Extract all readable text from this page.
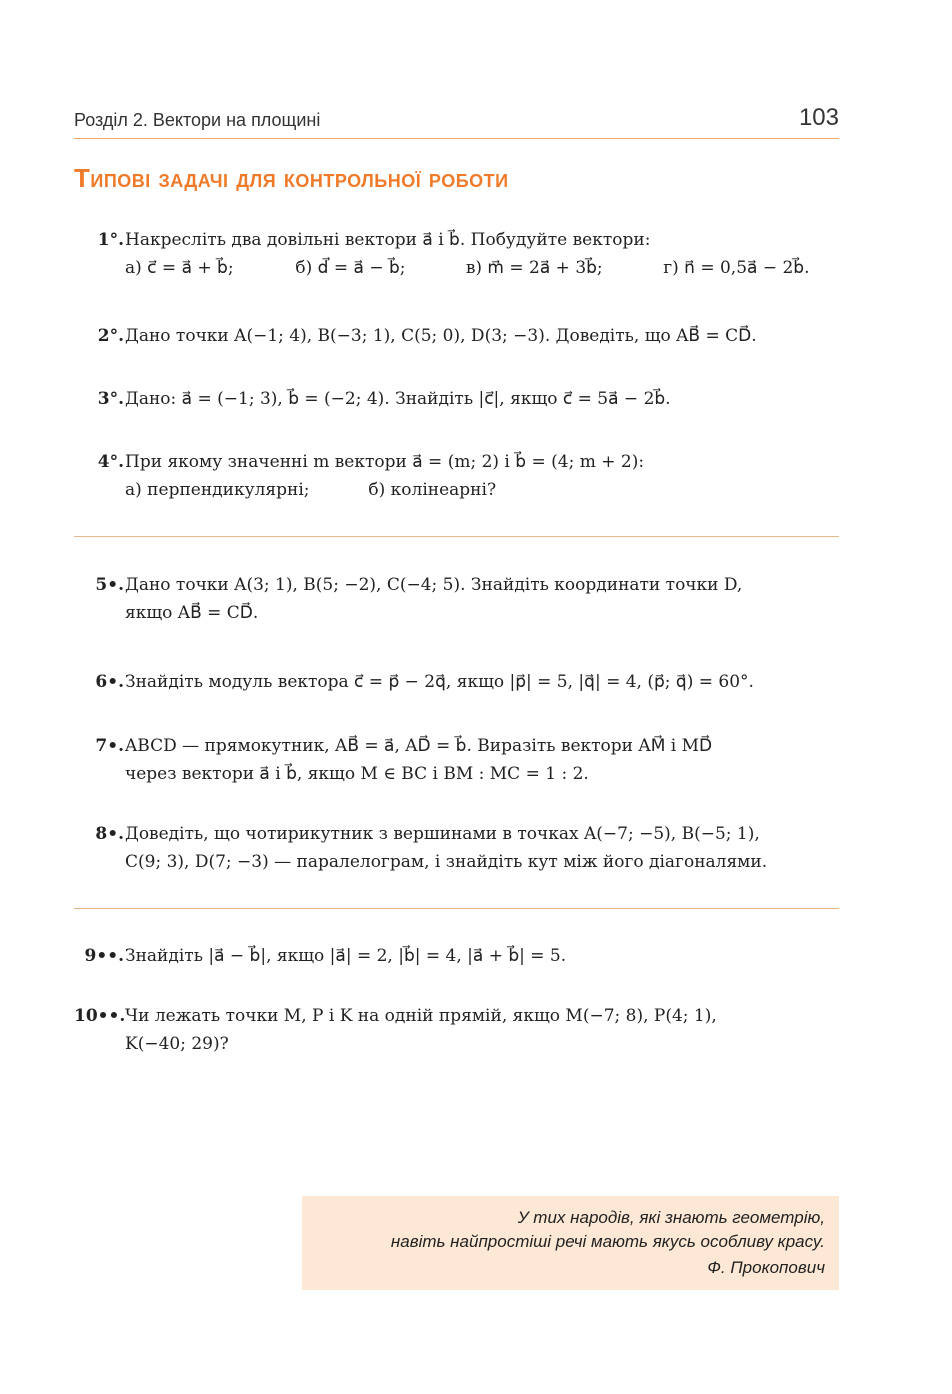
Розділ 2. Вектори на площині	103
Типові задачі для контрольної роботи
1°. Накресліть два довільні вектори a⃗ і b⃗. Побудуйте вектори:
а) c⃗ = a⃗ + b⃗;	б) d⃗ = a⃗ − b⃗;	в) m⃗ = 2a⃗ + 3b⃗;	г) n⃗ = 0,5a⃗ − 2b⃗.
2°. Дано точки A(−1; 4), B(−3; 1), C(5; 0), D(3; −3). Доведіть, що AB⃗ = CD⃗.
3°. Дано: a⃗ = (−1; 3), b⃗ = (−2; 4). Знайдіть |c⃗|, якщо c⃗ = 5a⃗ − 2b⃗.
4°. При якому значенні m вектори a⃗ = (m; 2) і b⃗ = (4; m + 2):
а) перпендикулярні;	б) колінеарні?
5•. Дано точки A(3; 1), B(5; −2), C(−4; 5). Знайдіть координати точки D,
якщо AB⃗ = CD⃗.
6•. Знайдіть модуль вектора c⃗ = p⃗ − 2q⃗, якщо |p⃗| = 5, |q⃗| = 4, (p⃗; q⃗) = 60°.
7•. ABCD — прямокутник, AB⃗ = a⃗, AD⃗ = b⃗. Виразіть вектори AM⃗ і MD⃗
через вектори a⃗ і b⃗, якщо M ∈ BC і BM : MC = 1 : 2.
8•. Доведіть, що чотирикутник з вершинами в точках A(−7; −5), B(−5; 1),
C(9; 3), D(7; −3) — паралелограм, і знайдіть кут між його діагоналями.
9••. Знайдіть |a⃗ − b⃗|, якщо |a⃗| = 2, |b⃗| = 4, |a⃗ + b⃗| = 5.
10••. Чи лежать точки M, P і K на одній прямій, якщо M(−7; 8), P(4; 1),
K(−40; 29)?
У тих народів, які знають геометрію,
навіть найпростіші речі мають якусь особливу красу.
Ф. Прокопович
